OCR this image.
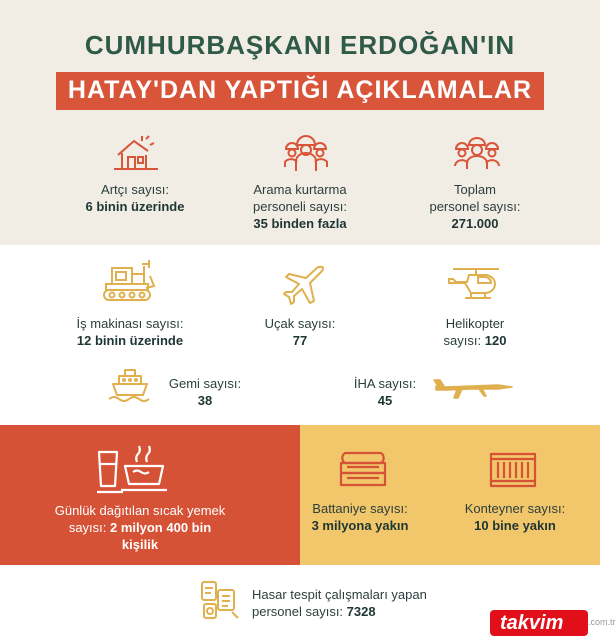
CUMHURBAŞKANI ERDOĞAN'IN
HATAY'DAN YAPTIĞI AÇIKLAMALAR
Artçı sayısı:
6 binin üzerinde
Arama kurtarma
personeli sayısı:
35 binden fazla
Toplam
personel sayısı:
271.000
İş makinası sayısı:
12 binin üzerinde
Uçak sayısı:
77
Helikopter
sayısı: 120
Gemi sayısı:
38
İHA sayısı:
45
Günlük dağıtılan sıcak yemek
sayısı: 2 milyon 400 bin
kişilik
Battaniye sayısı:
3 milyona yakın
Konteyner sayısı:
10 bine yakın
Hasar tespit çalışmaları yapan
personel sayısı: 7328
takvim	.com.tr
